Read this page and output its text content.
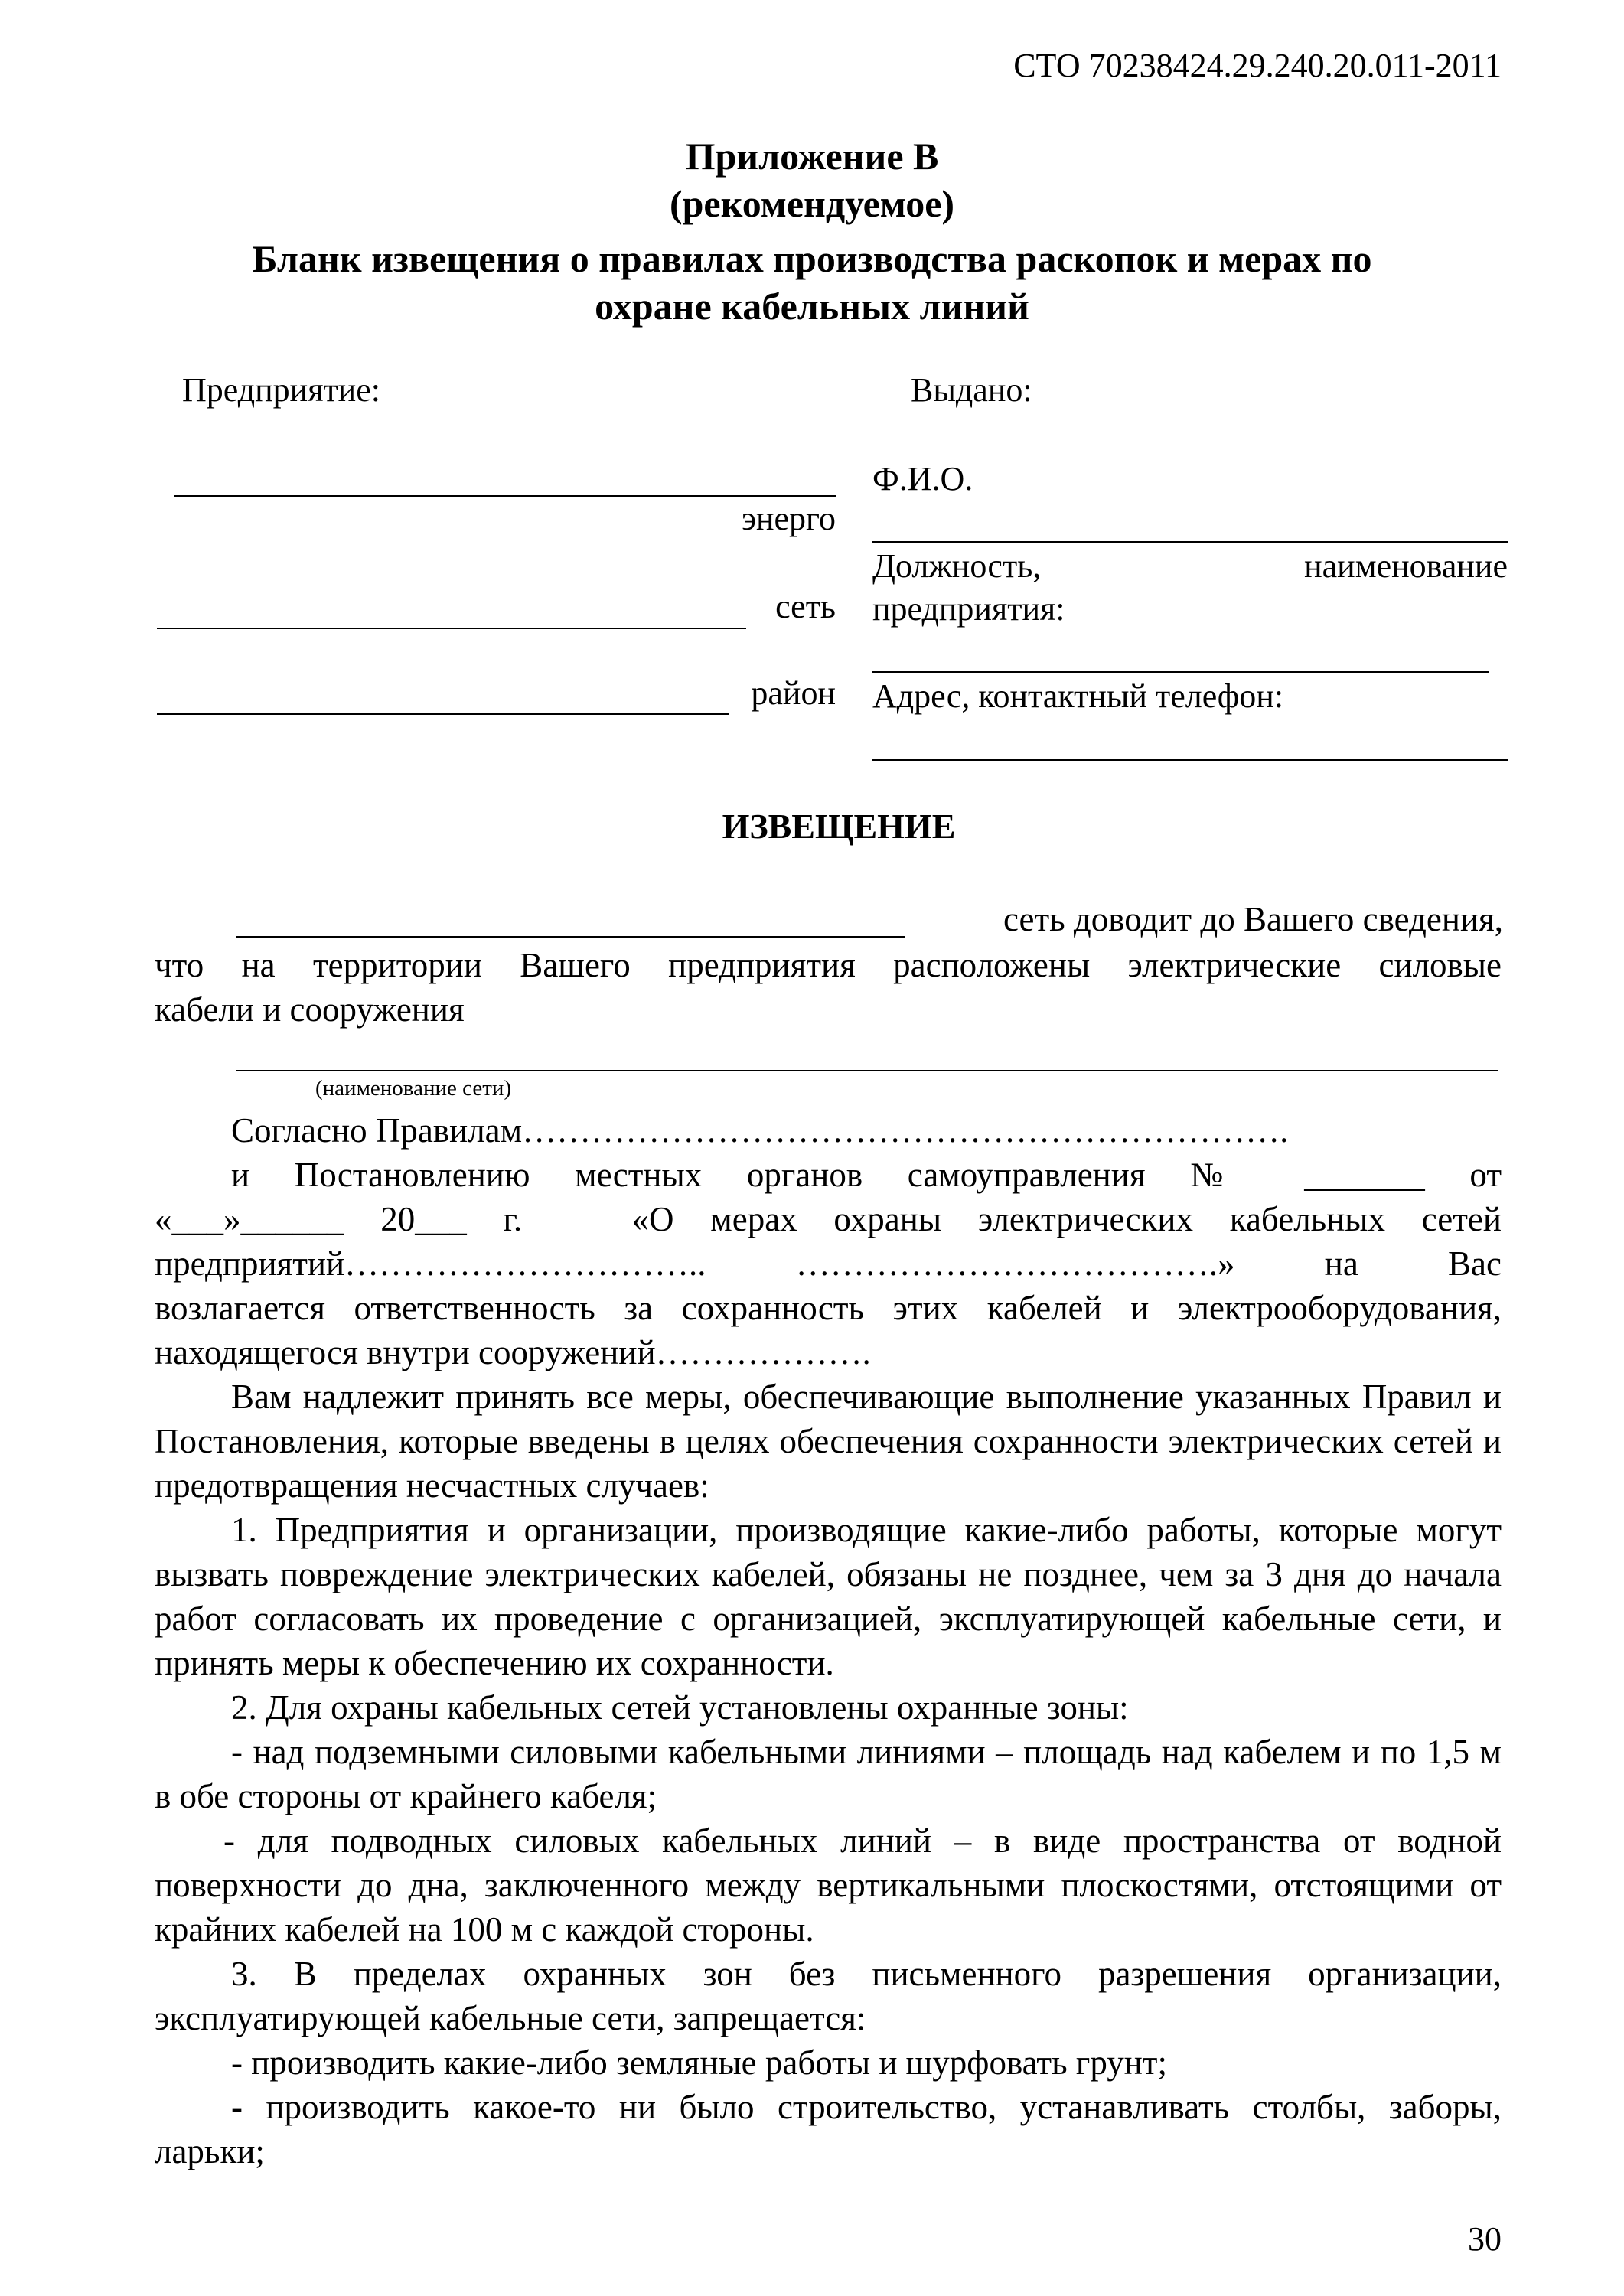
СТО 70238424.29.240.20.011-2011
Приложение В
(рекомендуемое)
Бланк извещения о правилах производства раскопок и мерах по
охране кабельных линий
Предприятие:
энерго
сеть
район
Выдано:
Ф.И.О.
Должность,	наименование
предприятия:
Адрес, контактный телефон:
ИЗВЕЩЕНИЕ
сеть доводит до Вашего сведения,
что на территории Вашего предприятия расположены электрические силовые
кабели и сооружения
(наименование сети)
Согласно Правилам………………………………………………………….
и Постановлению местных органов самоуправления № _______ от
«___»______ 20___ г.   «О мерах охраны электрических кабельных сетей
предприятий………………………….. ……………………………….» на Вас
возлагается ответственность за сохранность этих кабелей и электрооборудования,
находящегося внутри сооружений……………….
Вам надлежит принять все меры, обеспечивающие выполнение указанных Правил и Постановления, которые введены в целях обеспечения сохранности электрических сетей и предотвращения несчастных случаев:
1. Предприятия и организации, производящие какие-либо работы, которые могут вызвать повреждение электрических кабелей, обязаны не позднее, чем за 3 дня до начала работ согласовать их проведение с организацией, эксплуатирующей кабельные сети, и принять меры к обеспечению их сохранности.
2. Для охраны кабельных сетей установлены охранные зоны:
- над подземными силовыми кабельными линиями – площадь над кабелем и по 1,5 м в обе стороны от крайнего кабеля;
- для подводных силовых кабельных линий – в виде пространства от водной поверхности до дна, заключенного между вертикальными плоскостями, отстоящими от крайних кабелей на 100 м с каждой стороны.
3. В пределах охранных зон без письменного разрешения организации, эксплуатирующей кабельные сети, запрещается:
- производить какие-либо земляные работы и шурфовать грунт;
- производить какое-то ни было строительство, устанавливать столбы, заборы, ларьки;
30
